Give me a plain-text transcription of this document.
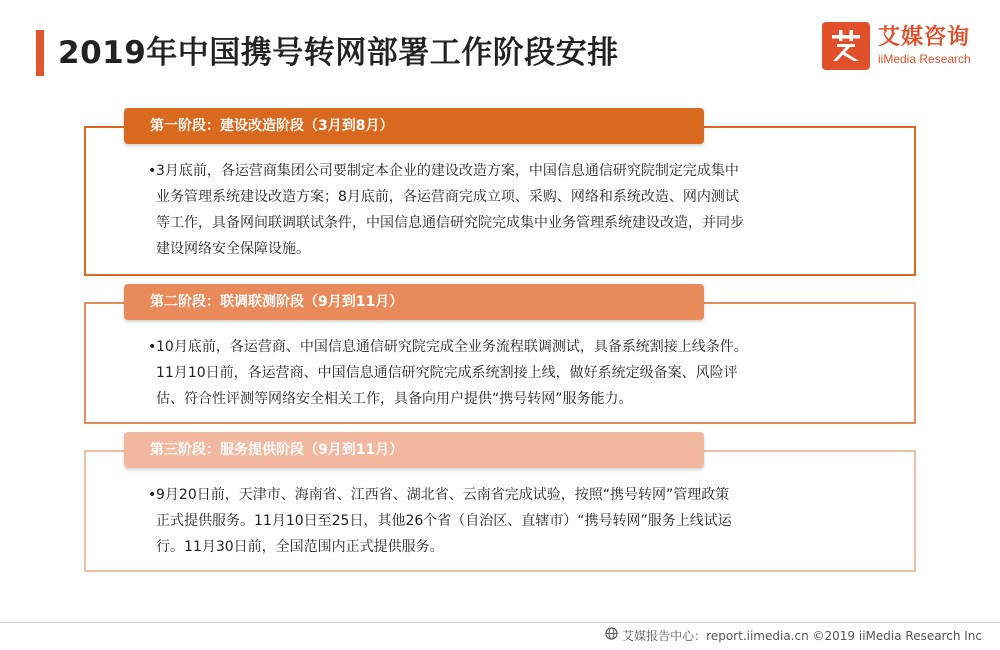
2019年中国携号转网部署工作阶段安排	艾媒咨询
iiMedia Research
第一阶段：建设改造阶段（3月到8月）
• 3月底前，各运营商集团公司要制定本企业的建设改造方案，中国信息通信研究院制定完成集中

业务管理系统建设改造方案；8月底前，各运营商完成立项、采购、网络和系统改造、网内测试

等工作，具备网间联调联试条件，中国信息通信研究院完成集中业务管理系统建设改造，并同步

建设网络安全保障设施。

第二阶段：联调联测阶段（9月到11月）
• 10月底前，各运营商、中国信息通信研究院完成全业务流程联调测试，具备系统割接上线条件。

11月10日前，各运营商、中国信息通信研究院完成系统割接上线，做好系统定级备案、风险评

估、符合性评测等网络安全相关工作，具备向用户提供“携号转网”服务能力。

第三阶段：服务提供阶段（9月到11月）
• 9月20日前，天津市、海南省、江西省、湖北省、云南省完成试验，按照“携号转网”管理政策

正式提供服务。11月10日至25日，其他26个省（自治区、直辖市）“携号转网”服务上线试运

行。11月30日前，全国范围内正式提供服务。

艾媒报告中心：report.iimedia.cn ©2019 iiMedia Research Inc
